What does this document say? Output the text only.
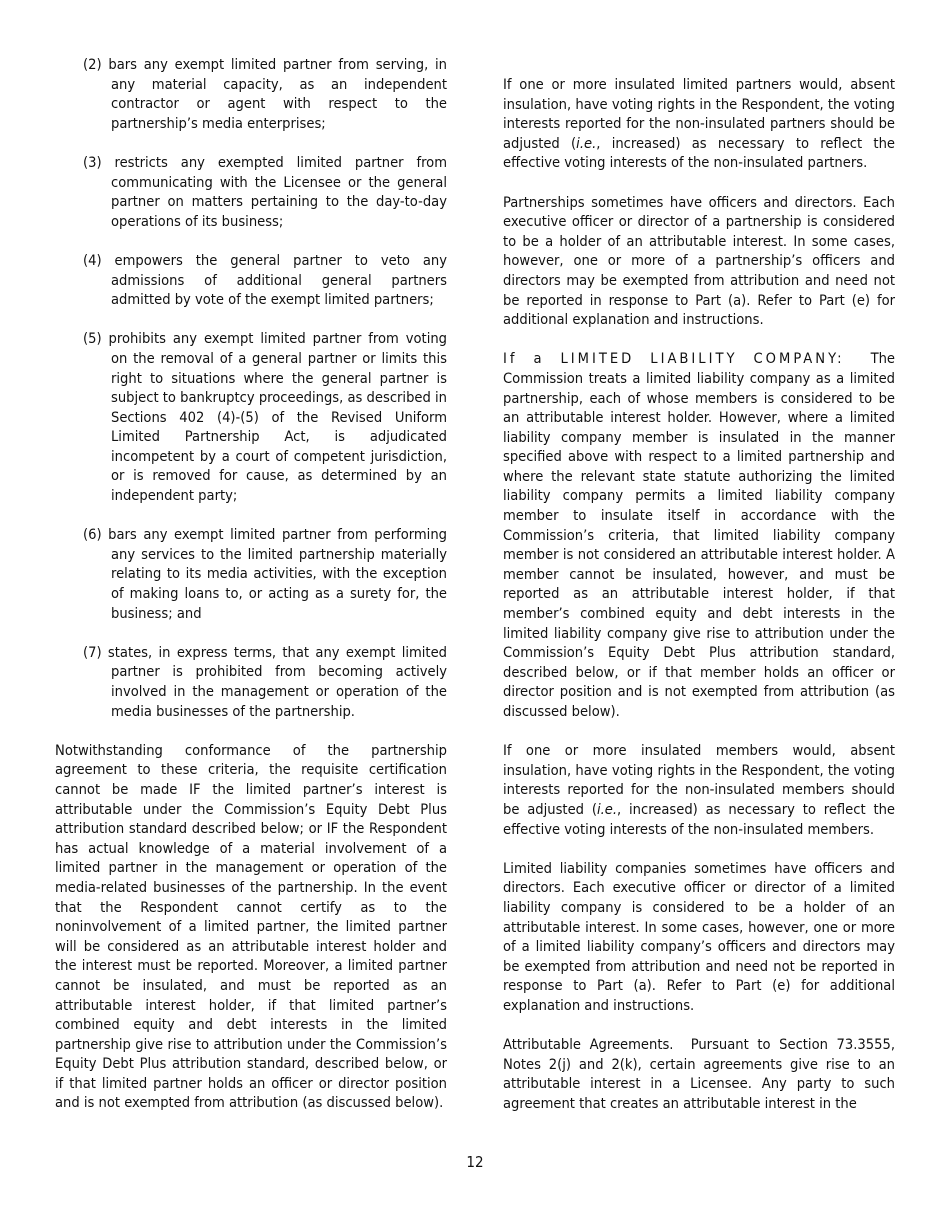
(2) bars any exempt limited partner from serving, in any material capacity, as an independent contractor or agent with respect to the partnership’s media enterprises;

(3) restricts any exempted limited partner from communicating with the Licensee or the general partner on matters pertaining to the day-to-day operations of its business;

(4) empowers the general partner to veto any admissions of additional general partners admitted by vote of the exempt limited partners;

(5) prohibits any exempt limited partner from voting on the removal of a general partner or limits this right to situations where the general partner is subject to bankruptcy proceedings, as described in Sections 402 (4)-(5) of the Revised Uniform Limited Partnership Act, is adjudicated incompetent by a court of competent jurisdiction, or is removed for cause, as determined by an independent party;

(6) bars any exempt limited partner from performing any services to the limited partnership materially relating to its media activities, with the exception of making loans to, or acting as a surety for, the business; and

(7) states, in express terms, that any exempt limited partner is prohibited from becoming actively involved in the management or operation of the media businesses of the partnership.

Notwithstanding conformance of the partnership agreement to these criteria, the requisite certification cannot be made IF the limited partner’s interest is attributable under the Commission’s Equity Debt Plus attribution standard described below; or IF the Respondent has actual knowledge of a material involvement of a limited partner in the management or operation of the media-related businesses of the partnership. In the event that the Respondent cannot certify as to the noninvolvement of a limited partner, the limited partner will be considered as an attributable interest holder and the interest must be reported. Moreover, a limited partner cannot be insulated, and must be reported as an attributable interest holder, if that limited partner’s combined equity and debt interests in the limited partnership give rise to attribution under the Commission’s Equity Debt Plus attribution standard, described below, or if that limited partner holds an officer or director position and is not exempted from attribution (as discussed below).

If one or more insulated limited partners would, absent insulation, have voting rights in the Respondent, the voting interests reported for the non-insulated partners should be adjusted (i.e., increased) as necessary to reflect the effective voting interests of the non-insulated partners.

Partnerships sometimes have officers and directors. Each executive officer or director of a partnership is considered to be a holder of an attributable interest. In some cases, however, one or more of a partnership’s officers and directors may be exempted from attribution and need not be reported in response to Part (a). Refer to Part (e) for additional explanation and instructions.

If a LIMITED LIABILITY COMPANY: The Commission treats a limited liability company as a limited partnership, each of whose members is considered to be an attributable interest holder. However, where a limited liability company member is insulated in the manner specified above with respect to a limited partnership and where the relevant state statute authorizing the limited liability company permits a limited liability company member to insulate itself in accordance with the Commission’s criteria, that limited liability company member is not considered an attributable interest holder. A member cannot be insulated, however, and must be reported as an attributable interest holder, if that member’s combined equity and debt interests in the limited liability company give rise to attribution under the Commission’s Equity Debt Plus attribution standard, described below, or if that member holds an officer or director position and is not exempted from attribution (as discussed below).

If one or more insulated members would, absent insulation, have voting rights in the Respondent, the voting interests reported for the non-insulated members should be adjusted (i.e., increased) as necessary to reflect the effective voting interests of the non-insulated members.

Limited liability companies sometimes have officers and directors. Each executive officer or director of a limited liability company is considered to be a holder of an attributable interest. In some cases, however, one or more of a limited liability company’s officers and directors may be exempted from attribution and need not be reported in response to Part (a). Refer to Part (e) for additional explanation and instructions.

Attributable Agreements. Pursuant to Section 73.3555, Notes 2(j) and 2(k), certain agreements give rise to an attributable interest in a Licensee. Any party to such agreement that creates an attributable interest in the

12
